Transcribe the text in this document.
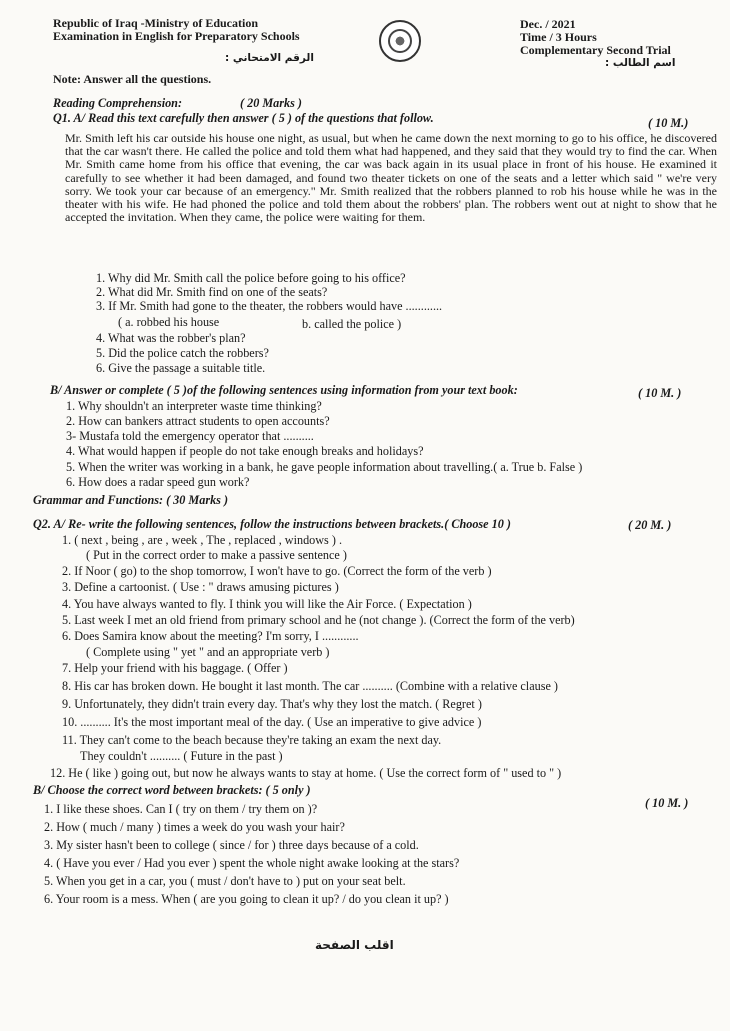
Republic of Iraq -Ministry of Education
Examination in English for Preparatory Schools
الرقم الامتحاني :
Dec. / 2021
Time / 3 Hours
Complementary Second Trial
اسم الطالب :
Note: Answer all the questions.
Reading Comprehension:	( 20 Marks )
Q1. A/ Read this text carefully then answer ( 5 ) of the questions that follow.	( 10 M.)
Mr. Smith left his car outside his house one night, as usual, but when he came down the next morning to go to his office, he discovered that the car wasn't there. He called the police and told them what had happened, and they said that they would try to find the car. When Mr. Smith came home from his office that evening, the car was back again in its usual place in front of his house. He examined it carefully to see whether it had been damaged, and found two theater tickets on one of the seats and a letter which said " we're very sorry. We took your car because of an emergency." Mr. Smith realized that the robbers planned to rob his house while he was in the theater with his wife. He had phoned the police and told them about the robbers' plan. The robbers went out at night to show that he accepted the invitation. When they came, the police were waiting for them.
1. Why did Mr. Smith call the police before going to his office?
2. What did Mr. Smith find on one of the seats?
3. If Mr. Smith had gone to the theater, the robbers would have ............
( a. robbed his house	b. called the police )
4. What was the robber's plan?
5. Did the police catch the robbers?
6. Give the passage a suitable title.
B/ Answer or complete ( 5 )of the following sentences using information from your text book:	( 10 M. )
1. Why shouldn't an interpreter waste time thinking?
2. How can bankers attract students to open accounts?
3- Mustafa told the emergency operator that ..........
4. What would happen if people do not take enough breaks and holidays?
5. When the writer was working in a bank, he gave people information about travelling.( a. True b. False )
6. How does a radar speed gun work?
Grammar and Functions: ( 30 Marks )
Q2. A/ Re- write the following sentences, follow the instructions between brackets.( Choose 10 )	( 20 M. )
1. ( next , being , are , week , The , replaced , windows ) .
( Put in the correct order to make a passive sentence )
2. If Noor ( go) to the shop tomorrow, I won't have to go. (Correct the form of the verb )
3. Define a cartoonist. ( Use : " draws amusing pictures )
4. You have always wanted to fly. I think you will like the Air Force. ( Expectation )
5. Last week I met an old friend from primary school and he (not change ). (Correct the form of the verb)
6. Does Samira know about the meeting? I'm sorry, I ............
( Complete using " yet " and an appropriate verb )
7. Help your friend with his baggage. ( Offer )
8. His car has broken down. He bought it last month. The car .......... (Combine with a relative clause )
9. Unfortunately, they didn't train every day. That's why they lost the match. ( Regret )
10. .......... It's the most important meal of the day. ( Use an imperative to give advice )
11. They can't come to the beach because they're taking an exam the next day.
They couldn't .......... ( Future in the past )
12. He ( like ) going out, but now he always wants to stay at home. ( Use the correct form of " used to " )
B/ Choose the correct word between brackets: ( 5 only )
( 10 M. )
1. I like these shoes. Can I ( try on them / try them on )?
2. How ( much / many ) times a week do you wash your hair?
3. My sister hasn't been to college ( since / for ) three days because of a cold.
4. ( Have you ever / Had you ever ) spent the whole night awake looking at the stars?
5. When you get in a car, you ( must / don't have to ) put on your seat belt.
6. Your room is a mess. When ( are you going to clean it up? / do you clean it up? )
اقلب الصفحة
